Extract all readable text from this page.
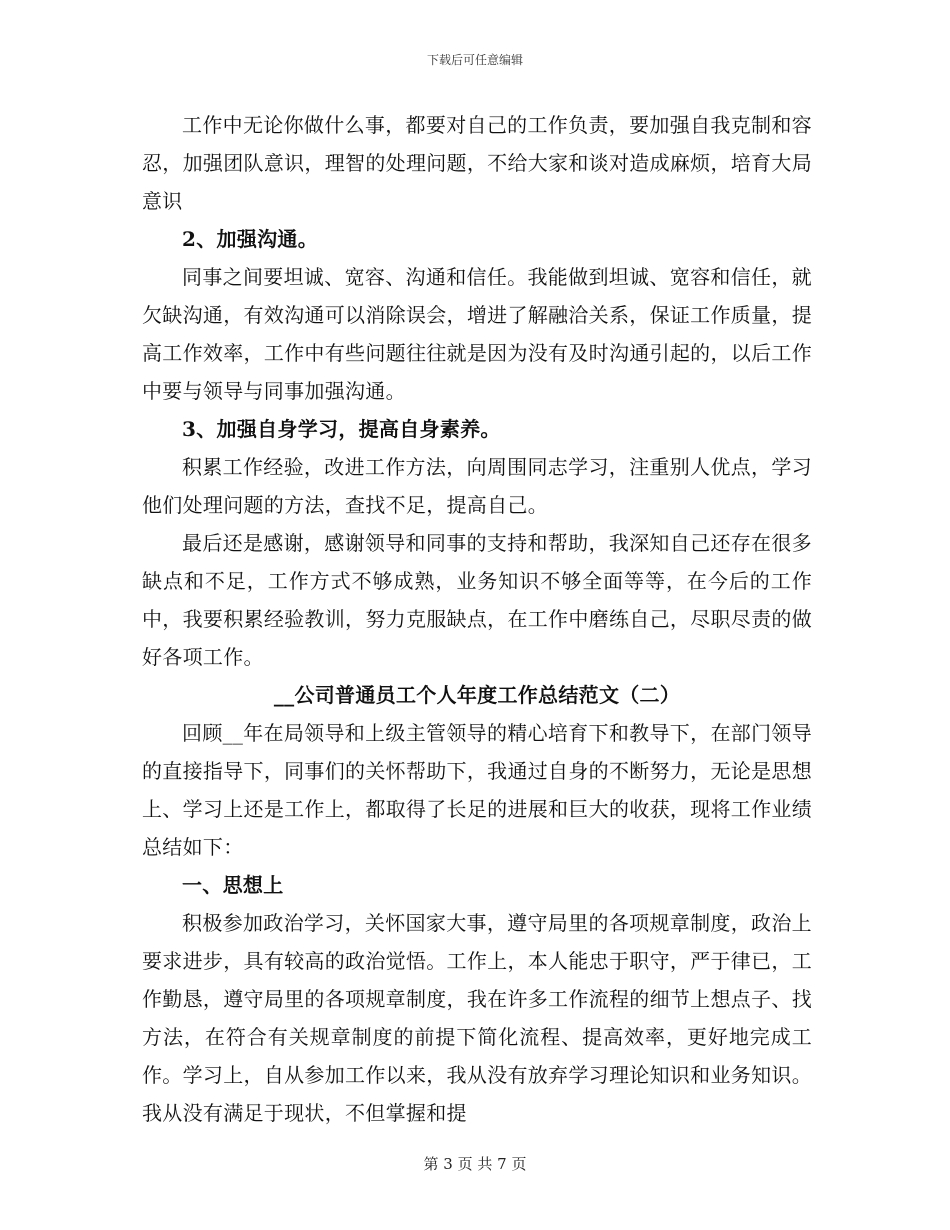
下载后可任意编辑

工作中无论你做什么事，都要对自己的工作负责，要加强自我克制和容忍，加强团队意识，理智的处理问题，不给大家和谈对造成麻烦，培育大局意识

2、加强沟通。

同事之间要坦诚、宽容、沟通和信任。我能做到坦诚、宽容和信任，就欠缺沟通，有效沟通可以消除误会，增进了解融洽关系，保证工作质量，提高工作效率，工作中有些问题往往就是因为没有及时沟通引起的，以后工作中要与领导与同事加强沟通。

3、加强自身学习，提高自身素养。

积累工作经验，改进工作方法，向周围同志学习，注重别人优点，学习他们处理问题的方法，查找不足，提高自己。

最后还是感谢，感谢领导和同事的支持和帮助，我深知自己还存在很多缺点和不足，工作方式不够成熟，业务知识不够全面等等，在今后的工作中，我要积累经验教训，努力克服缺点，在工作中磨练自己，尽职尽责的做好各项工作。

__公司普通员工个人年度工作总结范文（二）

回顾__年在局领导和上级主管领导的精心培育下和教导下，在部门领导的直接指导下，同事们的关怀帮助下，我通过自身的不断努力，无论是思想上、学习上还是工作上，都取得了长足的进展和巨大的收获，现将工作业绩总结如下：

一、思想上

积极参加政治学习，关怀国家大事，遵守局里的各项规章制度，政治上要求进步，具有较高的政治觉悟。工作上，本人能忠于职守，严于律已，工作勤恳，遵守局里的各项规章制度，我在许多工作流程的细节上想点子、找方法，在符合有关规章制度的前提下简化流程、提高效率，更好地完成工作。学习上，自从参加工作以来，我从没有放弃学习理论知识和业务知识。我从没有满足于现状，不但掌握和提

第 3 页 共 7 页
